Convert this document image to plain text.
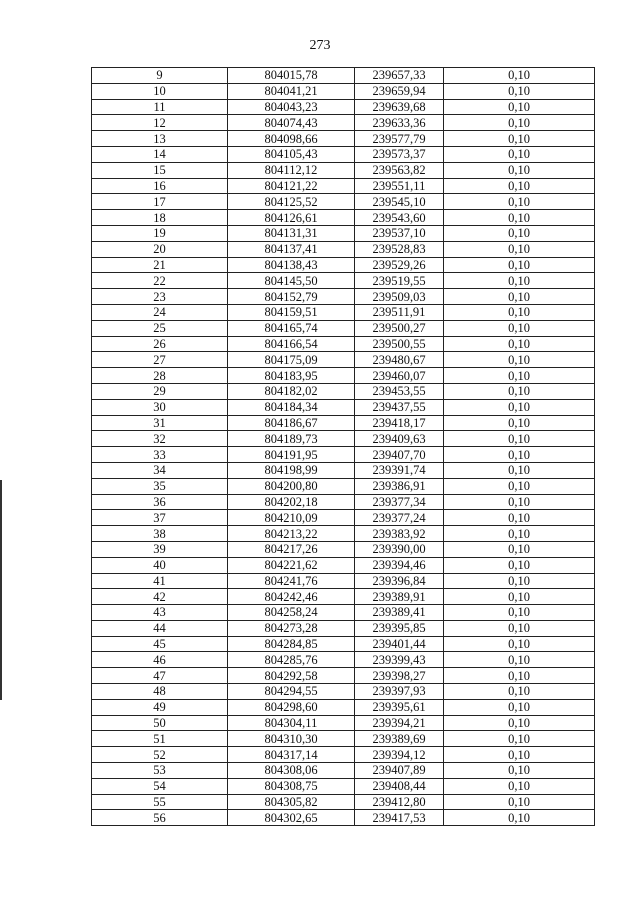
273
9	804015,78	239657,33	0,10
10	804041,21	239659,94	0,10
11	804043,23	239639,68	0,10
12	804074,43	239633,36	0,10
13	804098,66	239577,79	0,10
14	804105,43	239573,37	0,10
15	804112,12	239563,82	0,10
16	804121,22	239551,11	0,10
17	804125,52	239545,10	0,10
18	804126,61	239543,60	0,10
19	804131,31	239537,10	0,10
20	804137,41	239528,83	0,10
21	804138,43	239529,26	0,10
22	804145,50	239519,55	0,10
23	804152,79	239509,03	0,10
24	804159,51	239511,91	0,10
25	804165,74	239500,27	0,10
26	804166,54	239500,55	0,10
27	804175,09	239480,67	0,10
28	804183,95	239460,07	0,10
29	804182,02	239453,55	0,10
30	804184,34	239437,55	0,10
31	804186,67	239418,17	0,10
32	804189,73	239409,63	0,10
33	804191,95	239407,70	0,10
34	804198,99	239391,74	0,10
35	804200,80	239386,91	0,10
36	804202,18	239377,34	0,10
37	804210,09	239377,24	0,10
38	804213,22	239383,92	0,10
39	804217,26	239390,00	0,10
40	804221,62	239394,46	0,10
41	804241,76	239396,84	0,10
42	804242,46	239389,91	0,10
43	804258,24	239389,41	0,10
44	804273,28	239395,85	0,10
45	804284,85	239401,44	0,10
46	804285,76	239399,43	0,10
47	804292,58	239398,27	0,10
48	804294,55	239397,93	0,10
49	804298,60	239395,61	0,10
50	804304,11	239394,21	0,10
51	804310,30	239389,69	0,10
52	804317,14	239394,12	0,10
53	804308,06	239407,89	0,10
54	804308,75	239408,44	0,10
55	804305,82	239412,80	0,10
56	804302,65	239417,53	0,10
